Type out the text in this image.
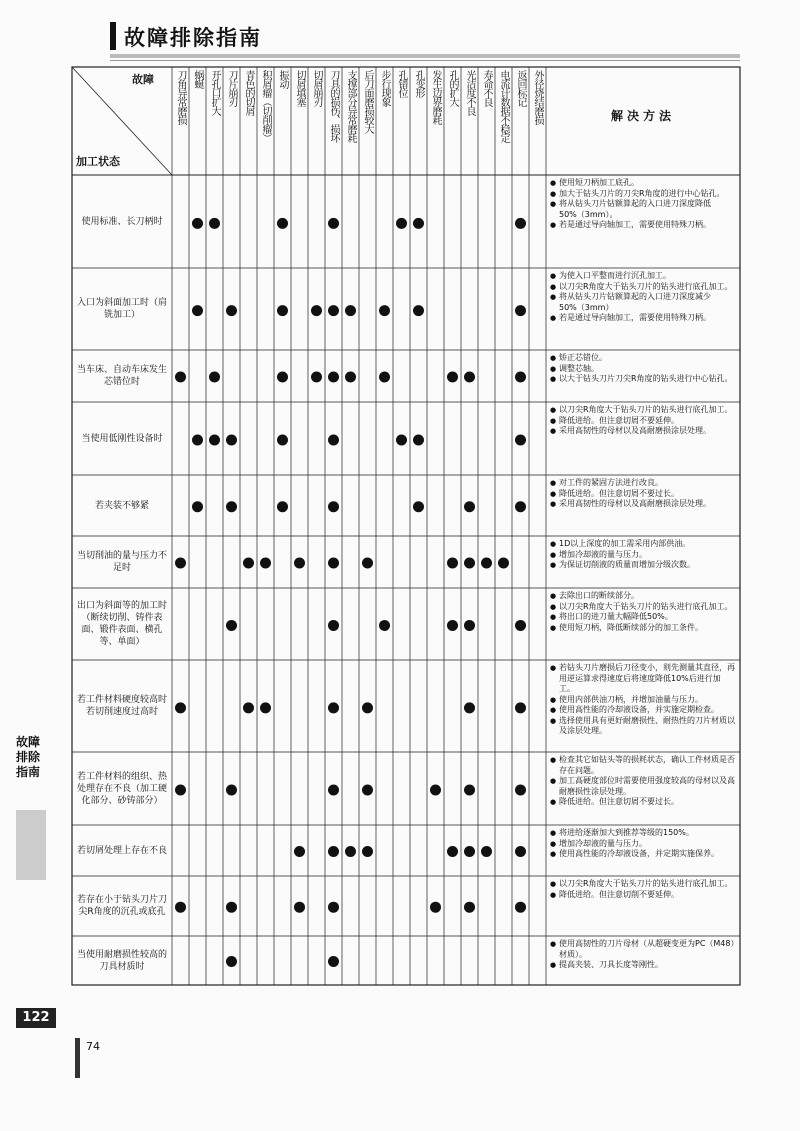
故障排除指南
故障
加工状态
解决方法
刀角异常磨损 蜗蜒 开孔口扩大 刀片崩刃 青色的切屑 积屑瘤（切削瘤） 振动 切屑填塞 切屑崩刃 刀具的损伤、损坏 支撑部分异常磨耗 后刀面磨损较大 步行现象 孔错位 孔变形 发生边界磨耗 孔的扩大 光洁度不良 寿命不良 电流计数据不稳定 返回标记 外径烧结磨损
使用标准、长刀柄时
● 使用短刀柄加工底孔。
● 加大于钻头刀片的刀尖R角度的进行中心钻孔。
● 将从钻头刀片钻额算起的入口进刀深度降低50%（3mm）。
● 若是通过导向轴加工，需要使用特殊刀柄。
入口为斜面加工时（肩铣加工）
● 为使入口平整而进行沉孔加工。
● 以刀尖R角度大于钻头刀片的钻头进行底孔加工。
● 将从钻头刀片钻额算起的入口进刀深度减少50%（3mm）
● 若是通过导向轴加工，需要使用特殊刀柄。
当车床、自动车床发生芯错位时
● 矫正芯错位。
● 调整芯轴。
● 以大于钻头刀片刀尖R角度的钻头进行中心钻孔。
当使用低刚性设备时
● 以刀尖R角度大于钻头刀片的钻头进行底孔加工。
● 降低进给。但注意切屑不要延伸。
● 采用高韧性的母材以及高耐磨损涂层处理。
若夹装不够紧
● 对工件的紧固方法进行改良。
● 降低进给。但注意切屑不要过长。
● 采用高韧性的母材以及高耐磨损涂层处理。
当切削油的量与压力不足时
● 1D以上深度的加工需采用内部供油。
● 增加冷却液的量与压力。
● 为保证切削液的质量而增加分级次数。
出口为斜面等的加工时（断续切削、铸件表面、锻件表面、横孔等、单面）
● 去除出口的断续部分。
● 以刀尖R角度大于钻头刀片的钻头进行底孔加工。
● 将出口的进刀量大幅降低50%。
● 使用短刀柄，降低断续部分的加工条件。
若工件材料硬度较高时若切削速度过高时
● 若钻头刀片磨损后刀径变小，则先测量其直径，再用逆运算求得速度后将速度降低10%后进行加工。
● 使用内部供油刀柄，并增加油量与压力。
● 使用高性能的冷却液设备，并实施定期检查。
● 选择使用具有更好耐磨损性、耐热性的刀片材质以及涂层处理。
若工件材料的组织、热处理存在不良（加工硬化部分、砂铸部分）
● 检查其它如钻头等的损耗状态，确认工件材质是否存在问题。
● 加工高硬度部位时需要使用强度较高的母材以及高耐磨损性涂层处理。
● 降低进给。但注意切屑不要过长。
若切屑处理上存在不良
● 将进给逐渐加大到推荐等级的150%。
● 增加冷却液的量与压力。
● 使用高性能的冷却液设备，并定期实施保养。
若存在小于钻头刀片刀尖R角度的沉孔或底孔
● 以刀尖R角度大于钻头刀片的钻头进行底孔加工。
● 降低进给。但注意切削不要延伸。
当使用耐磨损性较高的刀具材质时
● 使用高韧性的刀片母材（从超硬变更为PC（M48）材质）。
● 提高夹装、刀具长度等刚性。
故障排除指南
122
74
